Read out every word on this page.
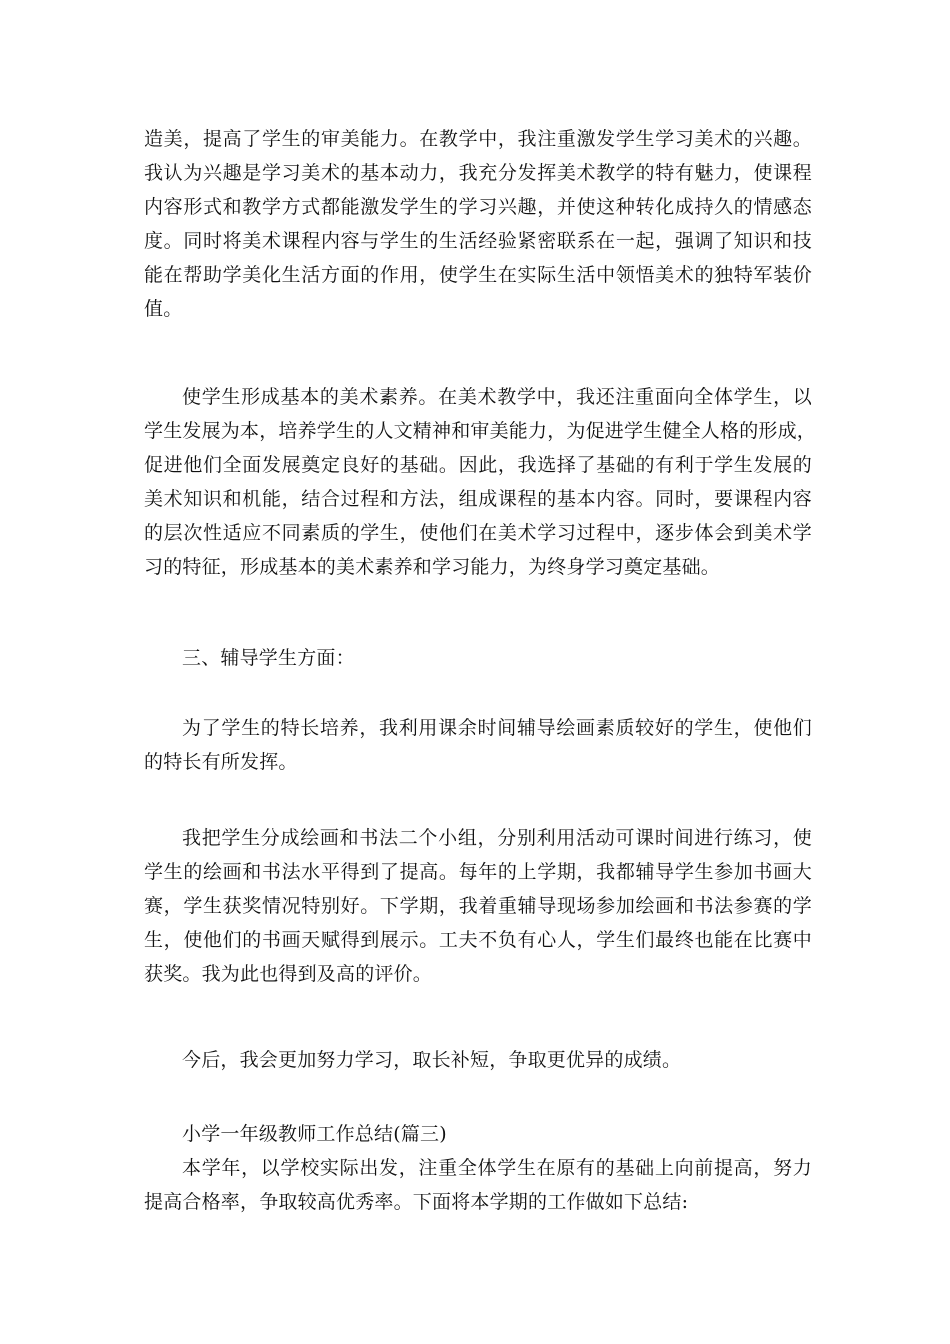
造美，提高了学生的审美能力。在教学中，我注重激发学生学习美术的兴趣。
我认为兴趣是学习美术的基本动力，我充分发挥美术教学的特有魅力，使课程
内容形式和教学方式都能激发学生的学习兴趣，并使这种转化成持久的情感态
度。同时将美术课程内容与学生的生活经验紧密联系在一起，强调了知识和技
能在帮助学美化生活方面的作用，使学生在实际生活中领悟美术的独特军装价
值。
使学生形成基本的美术素养。在美术教学中，我还注重面向全体学生，以
学生发展为本，培养学生的人文精神和审美能力，为促进学生健全人格的形成，
促进他们全面发展奠定良好的基础。因此，我选择了基础的有利于学生发展的
美术知识和机能，结合过程和方法，组成课程的基本内容。同时，要课程内容
的层次性适应不同素质的学生，使他们在美术学习过程中，逐步体会到美术学
习的特征，形成基本的美术素养和学习能力，为终身学习奠定基础。
三、辅导学生方面：
为了学生的特长培养，我利用课余时间辅导绘画素质较好的学生，使他们
的特长有所发挥。
我把学生分成绘画和书法二个小组，分别利用活动可课时间进行练习，使
学生的绘画和书法水平得到了提高。每年的上学期，我都辅导学生参加书画大
赛，学生获奖情况特别好。下学期，我着重辅导现场参加绘画和书法参赛的学
生，使他们的书画天赋得到展示。工夫不负有心人，学生们最终也能在比赛中
获奖。我为此也得到及高的评价。
今后，我会更加努力学习，取长补短，争取更优异的成绩。
小学一年级教师工作总结(篇三)
本学年，以学校实际出发，注重全体学生在原有的基础上向前提高，努力
提高合格率，争取较高优秀率。下面将本学期的工作做如下总结:
